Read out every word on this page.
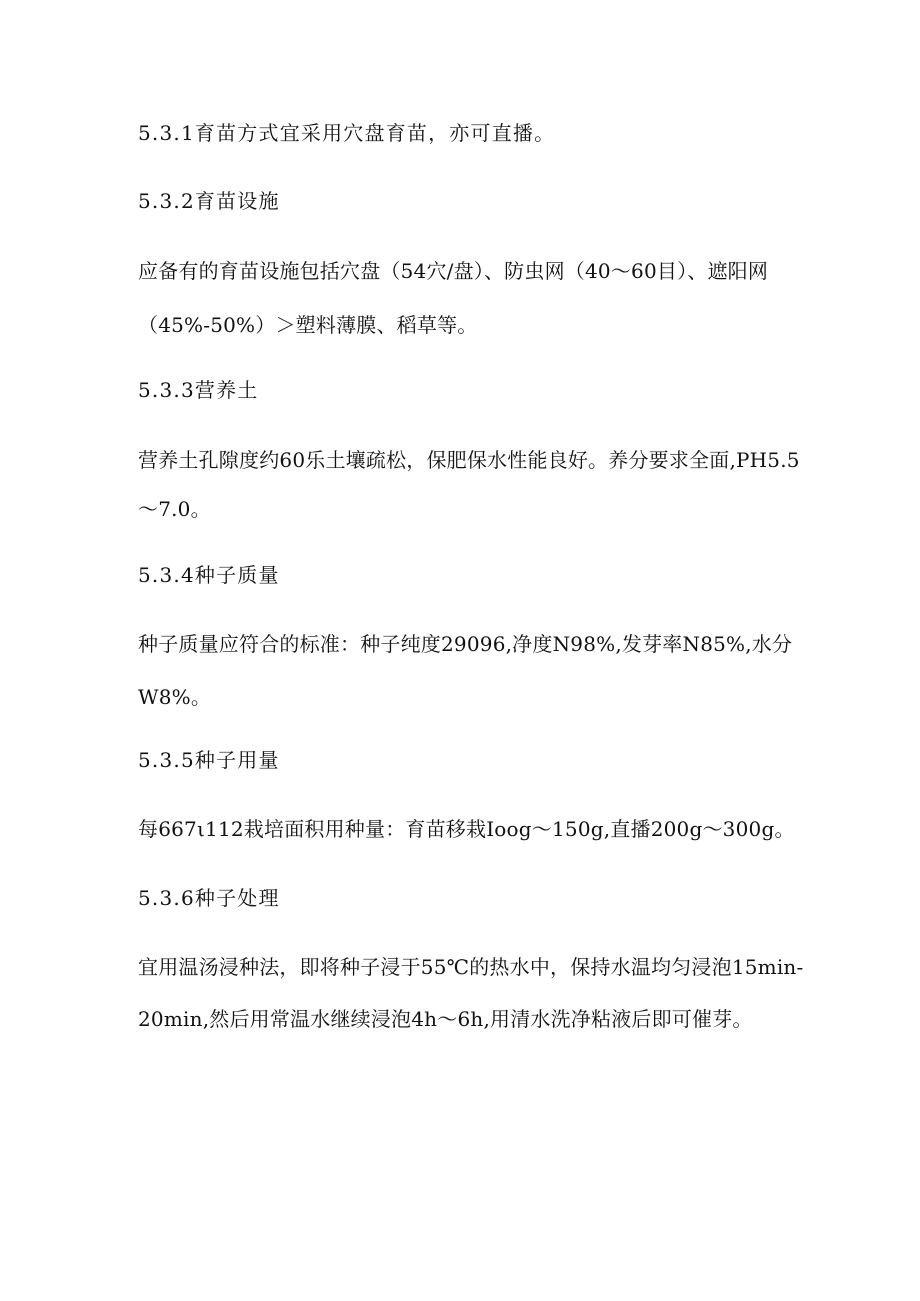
5.3.1育苗方式宜采用穴盘育苗，亦可直播。

5.3.2育苗设施

应备有的育苗设施包括穴盘（54穴/盘）、防虫网（40～60目）、遮阳网

（45%-50%）＞塑料薄膜、稻草等。

5.3.3营养土

营养土孔隙度约60乐土壤疏松，保肥保水性能良好。养分要求全面,PH5.5

～7.0。

5.3.4种子质量

种子质量应符合的标准：种子纯度29096,净度N98%,发芽率N85%,水分

W8%。

5.3.5种子用量

每667ι112栽培面积用种量：育苗移栽Ioog～150g,直播200g～300g。

5.3.6种子处理

宜用温汤浸种法，即将种子浸于55℃的热水中，保持水温均匀浸泡15min-

20min,然后用常温水继续浸泡4h～6h,用清水洗净粘液后即可催芽。
